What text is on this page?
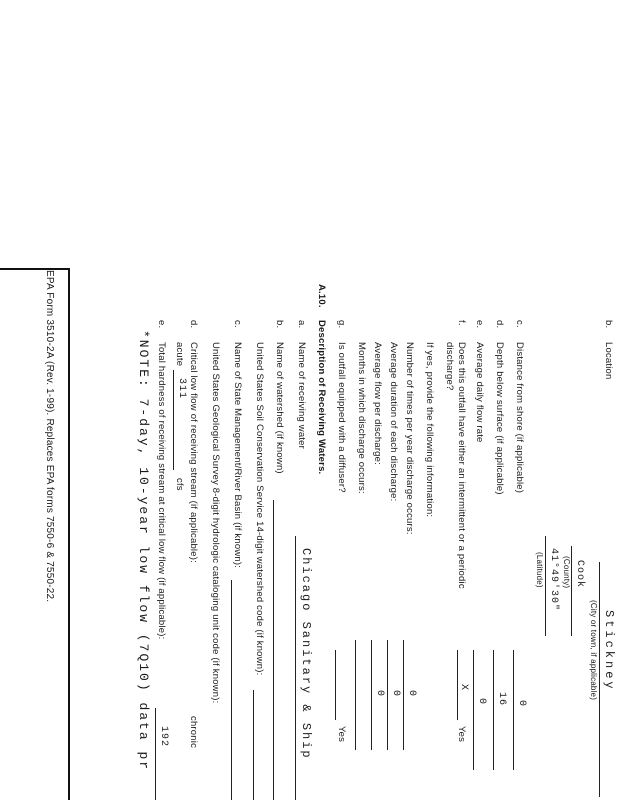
EPA Form 3510-2A (Rev. 1-99). Replaces EPA forms 7550-6 & 7550-22.	b.
Location
Stickney
(City or town, if applicable)
Cook
(County)
41°49'30"
(Latitude)
c.
Distance from shore (if applicable)
0
d.
Depth below surface (if applicable)
16
e.
Average daily flow rate
0
f.
Does this outfall have either an intermittent or a periodic
discharge?
X
Yes
If yes, provide the following information:
Number of times per year discharge occurs:
0
Average duration of each discharge:
0
Average flow per discharge:
0
Months in which discharge occurs:
g.
Is outfall equipped with a diffuser?
Yes
A.10.
Description of Receiving Waters.
a.
Name of receiving water
Chicago Sanitary & Ship
b.
Name of watershed (if known)
United States Soil Conservation Service 14-digit watershed code (if known):
c.
Name of State Management/River Basin (if known):
United States Geological Survey 8-digit hydrologic cataloging unit code (if known):
d.
Critical low flow of receiving stream (if applicable):
acute
311
cfs
chronic
e.
Total hardness of receiving stream at critical low flow (if applicable):
192
*NOTE: 7-day, 10-year low flow (7Q10) data pr
